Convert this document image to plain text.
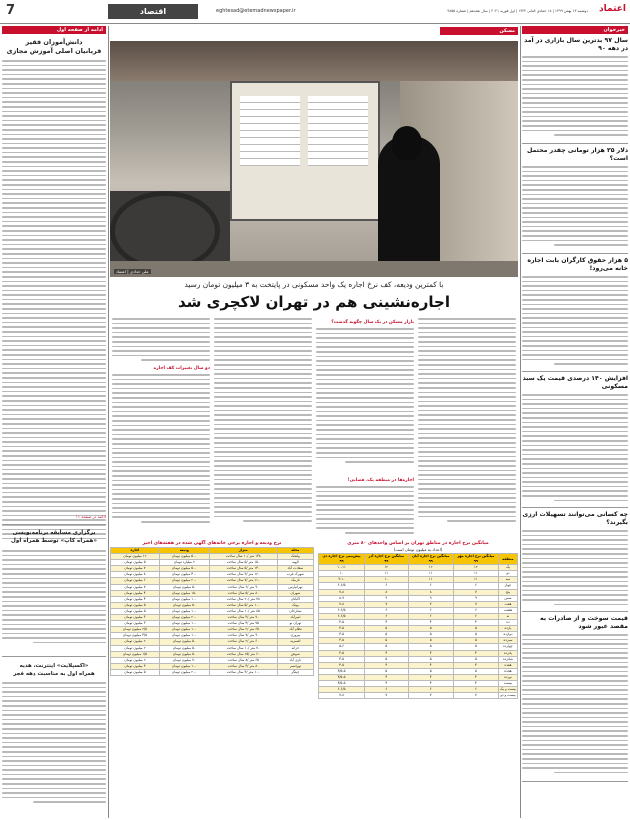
7	اقتصاد	eghtesad@etemadnewspaper.ir	دوشنبه ۱۳ بهمن ۱۳۹۹ | ۱۸ جمادی الثانی ۱۴۴۲ | اول فوریه ۲۰۲۱ | سال هجدهم | شماره ۴۸۵۵ اعتماد
ادامه از صفحه اول
دانش‌آموزان فقیر
قربانیان اصلی آموزش مجازی
ادامه در صفحه ۱۱
برگزاری مسابقه برنامه‌نویسی
«همراه کاپ» توسط همراه اول
«اکسپلایت» اینترنت، هدیه
همراه اول به مناسبت دهه فجر
مسکن
علی حدادی | اعتماد
با کمترین ودیعه، کف نرخ اجاره یک واحد مسکونی در پایتخت به ۳ میلیون تومان رسید
اجاره‌نشینی هم در تهران لاکچری شد
بازار مسکن در یک سال چگونه گذشت؟
اجاره‌ها در منطقه یک، فضایی!
دو سال تغییرات کف اجاره
میانگین نرخ اجاره در مناطق تهران بر اساس واحدهای ۸۰ متری
(اعداد به میلیون تومان است)
منطقه	میانگین نرخ اجاره مهر ۹۹	میانگین نرخ اجاره آبان ۹۹	میانگین نرخ اجاره آذر ۹۹	پیش‌بینی نرخ اجاره دی ۹۹
یک	۱۲	۱۲	۱۲	۱۰-۱۱
دو	۱۱	۱۱	۱۱	۱۰
سه	۱۱	۱۱	۱۰	۹-۱۰
چهار	۶	۶	۶	۶-۶/۵
پنج	۷	۸	۸	۷-۸
شش	۹	۹	۹	۸-۹
هفت	۷	۷	۷	۷-۸
هشت	۶	۶	۶	۶-۶/۵
نه	۶	۶	۶	۶-۶/۵
ده	۴	۴	۴	۴-۵
یازده	۵	۵	۵	۴-۵
دوازده	۵	۵	۵	۴-۵
سیزده	۵	۵	۵	۴-۵
چهارده	۵	۵	۵	۵-۶
پانزده	۴	۴	۴	۴-۵
شانزده	۵	۵	۵	۴-۵
هفده	۴	۴	۴	۴-۵
هجده	۵	۵	۵	۴/۵-۵
نوزده	۴	۴	۴	۴/۵-۵
بیست	۴	۴	۴	۴/۵-۵
بیست و یک	۶	۶	۶	۶-۶/۵
بیست و دو	۷	۷	۷	۷-۸
نرخ ودیعه و اجاره برخی خانه‌های آگهی شده در هفته‌های اخیر
محله	متراژ	ودیعه	اجاره
ولنجک	۱۳۸ متر /۱۰ سال ساخت	۵۰۰ میلیون تومان	۱۲ میلیون تومان
الهیه	۱۵۰ متر /۵ سال ساخت	۲ میلیارد تومان	۵ میلیون تومان
سعادت آباد	۱۴۰ متر /۵ سال ساخت	۵۰۰ میلیون تومان	۷ میلیون تومان
شهرک غرب	۱۲۰ متر /۳ سال ساخت	۴۰۰ میلیون تومان	۸ میلیون تومان
نارمک	۱۱۰ متر /۷ سال ساخت	۲۰۰ میلیون تومان	۶ میلیون تومان
تهرانپارس	۹۰ متر /۶ سال ساخت	۵۰ میلیون تومان	۷ میلیون تومان
شهران	۸۰ متر /۵ سال ساخت	۱۵۰ میلیون تومان	۴ میلیون تومان
اکباتان	۷۸ متر /۲۰ سال ساخت	۱۰۰ میلیون تومان	۴ میلیون تومان
پونک	۱۰۰ متر /۵ سال ساخت	۵۰ میلیون تومان	۵ میلیون تومان
ستارخان	۸۵ متر /۱۰ سال ساخت	۱۰۰ میلیون تومان	۵ میلیون تومان
امیرآباد	۷۰ متر /۳ سال ساخت	۲۰۰ میلیون تومان	۳ میلیون تومان
تهران نو	۷۵ متر /۴ سال ساخت	۱۰۰ میلیون تومان	۳ میلیون تومان
نظام آباد	۶۵ متر /۲ سال ساخت	۱۰۰ میلیون تومان	۲/۵ میلیون تومان
پیروزی	۹۰ متر /۷ سال ساخت	۱۰۰ میلیون تومان	۳/۵ میلیون تومان
افسریه	۶۰ متر /۲ سال ساخت	۵۰ میلیون تومان	۲ میلیون تومان
خزانه	۷۰ متر /۱۰ سال ساخت	۵۰ میلیون تومان	۲ میلیون تومان
شوش	۶۰ متر /۱۵ سال ساخت	۵۰ میلیون تومان	۱/۵ میلیون تومان
نازی آباد	۶۵ متر /۸ سال ساخت	۷۰ میلیون تومان	۲ میلیون تومان
تهرانسر	۸۰ متر /۴ سال ساخت	۱۰۰ میلیون تومان	۳ میلیون تومان
چیتگر	۱۰۰ متر /۳ سال ساخت	۲۰۰ میلیون تومان	۵ میلیون تومان
خبرخوان
سال ۹۷ بدترین سال بازاری در آمد در دهه ۹۰
دلار ۲۵ هزار تومانی چقدر محتمل است؟
۵ هزار حقوق کارگران بابت اجاره خانه می‌رود!
افزایش ۱۴۰ درصدی قیمت یک سبد مسکونی
چه کسانی می‌توانند تسهیلات ارزی بگیرند؟
قیمت سوخت و از صادرات به مقصد عبور شود
